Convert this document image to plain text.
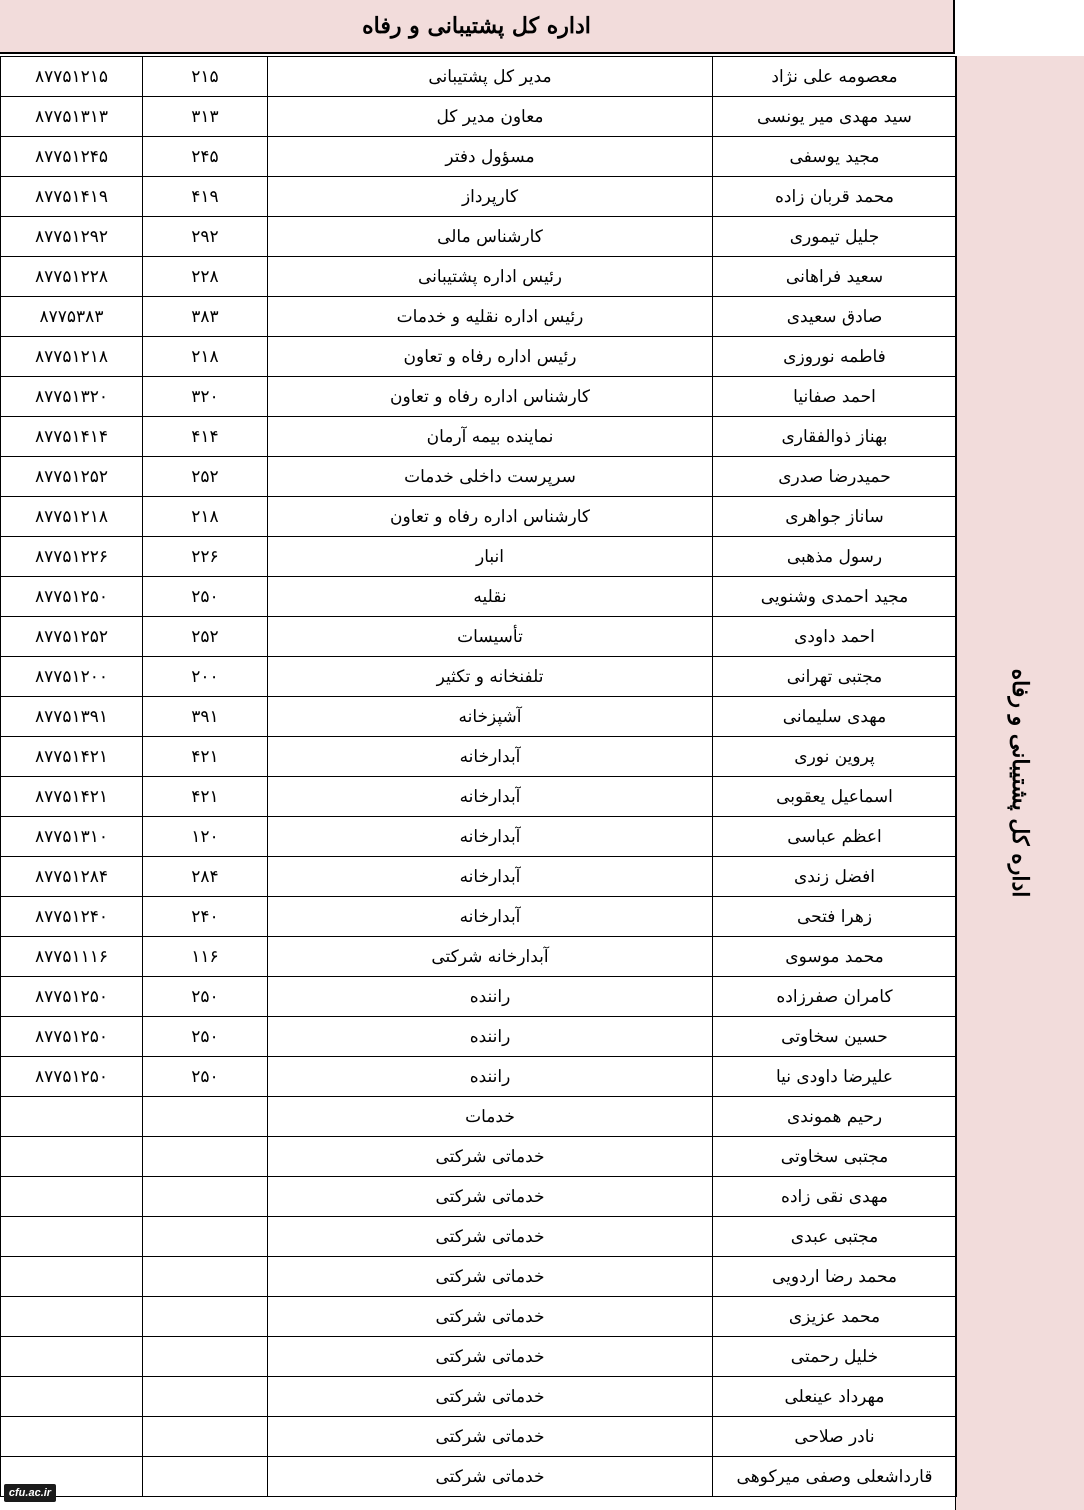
اداره کل پشتیبانی و رفاه
اداره کل پشتیبانی و رفاه
۸۷۷۵۱۲۱۵	۲۱۵	مدیر کل پشتیبانی	معصومه علی نژاد
۸۷۷۵۱۳۱۳	۳۱۳	معاون مدیر کل	سید مهدی میر یونسی
۸۷۷۵۱۲۴۵	۲۴۵	مسؤول دفتر	مجید یوسفی
۸۷۷۵۱۴۱۹	۴۱۹	کارپرداز	محمد قربان زاده
۸۷۷۵۱۲۹۲	۲۹۲	کارشناس مالی	جلیل تیموری
۸۷۷۵۱۲۲۸	۲۲۸	رئیس اداره پشتیبانی	سعید فراهانی
۸۷۷۵۳۸۳	۳۸۳	رئیس اداره نقلیه و خدمات	صادق سعیدی
۸۷۷۵۱۲۱۸	۲۱۸	رئیس اداره رفاه و تعاون	فاطمه نوروزی
۸۷۷۵۱۳۲۰	۳۲۰	کارشناس اداره رفاه و تعاون	احمد صفانیا
۸۷۷۵۱۴۱۴	۴۱۴	نماینده بیمه آرمان	بهناز ذوالفقاری
۸۷۷۵۱۲۵۲	۲۵۲	سرپرست داخلی خدمات	حمیدرضا صدری
۸۷۷۵۱۲۱۸	۲۱۸	کارشناس اداره رفاه و تعاون	ساناز جواهری
۸۷۷۵۱۲۲۶	۲۲۶	انبار	رسول مذهبی
۸۷۷۵۱۲۵۰	۲۵۰	نقلیه	مجید احمدی وشنویی
۸۷۷۵۱۲۵۲	۲۵۲	تأسیسات	احمد داودی
۸۷۷۵۱۲۰۰	۲۰۰	تلفنخانه و تکثیر	مجتبی تهرانی
۸۷۷۵۱۳۹۱	۳۹۱	آشپزخانه	مهدی سلیمانی
۸۷۷۵۱۴۲۱	۴۲۱	آبدارخانه	پروین نوری
۸۷۷۵۱۴۲۱	۴۲۱	آبدارخانه	اسماعیل یعقوبی
۸۷۷۵۱۳۱۰	۱۲۰	آبدارخانه	اعظم عباسی
۸۷۷۵۱۲۸۴	۲۸۴	آبدارخانه	افضل زندی
۸۷۷۵۱۲۴۰	۲۴۰	آبدارخانه	زهرا فتحی
۸۷۷۵۱۱۱۶	۱۱۶	آبدارخانه شرکتی	محمد موسوی
۸۷۷۵۱۲۵۰	۲۵۰	راننده	کامران صفرزاده
۸۷۷۵۱۲۵۰	۲۵۰	راننده	حسین سخاوتی
۸۷۷۵۱۲۵۰	۲۵۰	راننده	علیرضا داودی نیا
		خدمات	رحیم هموندی
		خدماتی شرکتی	مجتبی سخاوتی
		خدماتی شرکتی	مهدی نقی زاده
		خدماتی شرکتی	مجتبی عبدی
		خدماتی شرکتی	محمد رضا اردویی
		خدماتی شرکتی	محمد عزیزی
		خدماتی شرکتی	خلیل رحمتی
		خدماتی شرکتی	مهرداد عینعلی
		خدماتی شرکتی	نادر صلاحی
		خدماتی شرکتی	قارداشعلی وصفی میرکوهی
cfu.ac.ir
